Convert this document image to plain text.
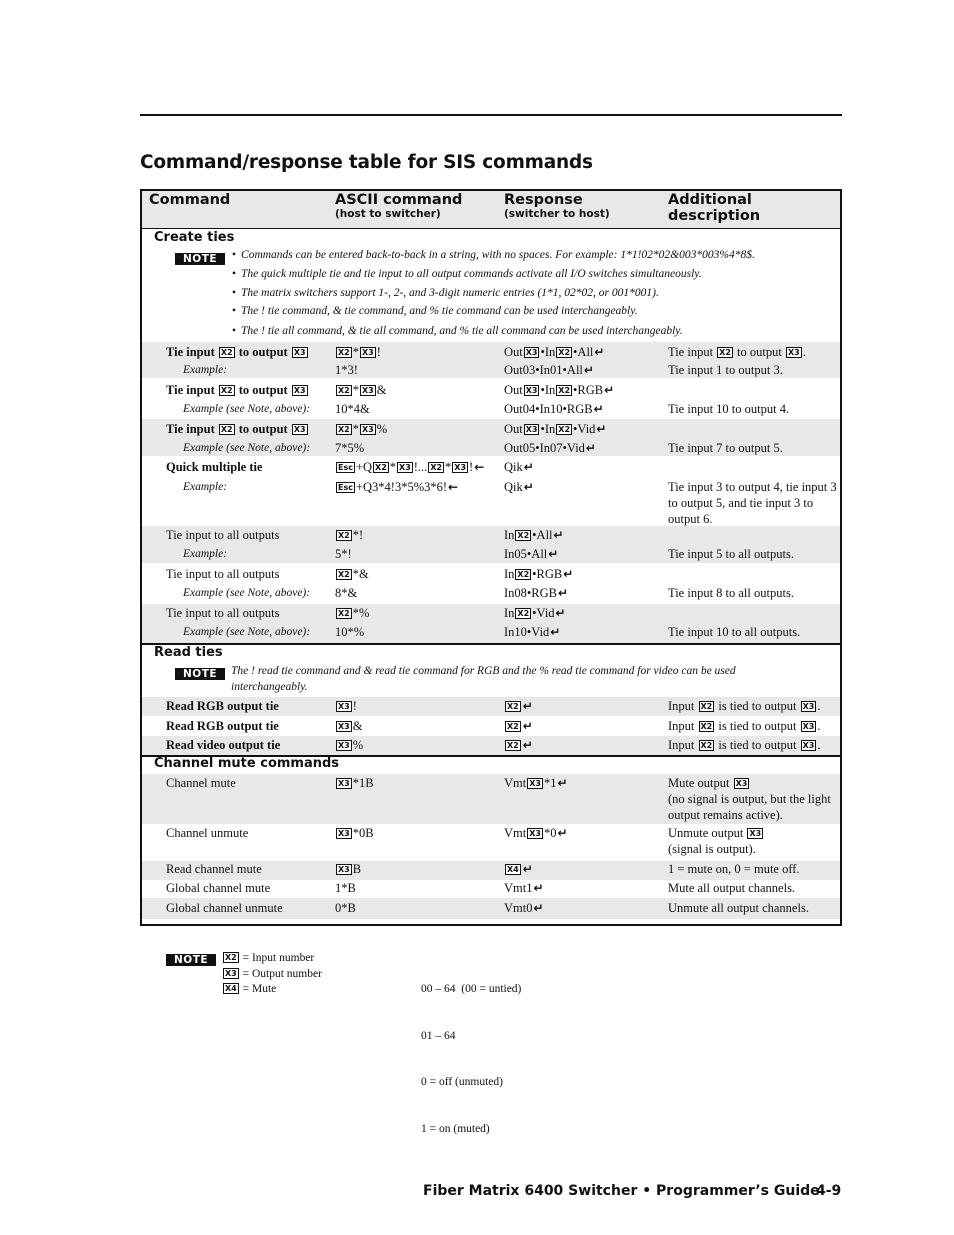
Command/response table for SIS commands
Command	ASCII command
(host to switcher)
Response
(switcher to host)
Additional description
Create ties
NOTE
•	Commands can be entered back-to-back in a string, with no spaces. For example: 1*1!02*02&003*003%4*8$.
• The quick multiple tie and tie input to all output commands activate all I/O switches simultaneously.
• The matrix switchers support 1-, 2-, and 3-digit numeric entries (1*1, 02*02, or 001*001).
• The ! tie command, & tie command, and % tie command can be used interchangeably.
• The ! tie all command, & tie all command, and % tie all command can be used interchangeably.
Tie input X2 to output X3	X2 * X3 !	Out X3 •In X2 •All↵	Tie input X2 to output X3 .
Example:	1*3!	Out03•In01•All↵	Tie input 1 to output 3.
Tie input X2 to output X3	X2 * X3 &	Out X3 •In X2 •RGB↵
Example (see Note, above): 10*4&	Out04•In10•RGB↵	Tie input 10 to output 4.
Tie input X2 to output X3	X2 * X3 %	Out X3 •In X2 •Vid↵
Example (see Note, above): 7*5%	Out05•In07•Vid↵	Tie input 7 to output 5.
Quick multiple tie	Esc +Q X2 * X3 !... X2 * X3 !← Qik↵
Example:	Esc +Q3*4!3*5%3*6!←	Qik↵	Tie input 3 to output 4, tie input 3 to output 5, and tie input 3 to output 6.
Tie input to all outputs	X2 *!	In X2 •All↵
Example:	5*!	In05•All↵	Tie input 5 to all outputs.
Tie input to all outputs	X2 *&	In X2 •RGB↵
Example (see Note, above): 8*&	In08•RGB↵	Tie input 8 to all outputs.
Tie input to all outputs	X2 *%	In X2 •Vid↵
Example (see Note, above): 10*%	In10•Vid↵	Tie input 10 to all outputs.
Read ties
NOTE	The ! read tie command and & read tie command for RGB and the % read tie command for video can be used interchangeably.
Read RGB output tie	X3 !	X2 ↵	Input X2 is tied to output X3 .
Read RGB output tie	X3 &	X2 ↵	Input X2 is tied to output X3 .
Read video output tie	X3 %	X2 ↵	Input X2 is tied to output X3 .
Channel mute commands
Channel mute	X3 *1B	Vmt X3 *1↵	Mute output X3
(no signal is output, but the light output remains active).
Channel unmute	X3 *0B	Vmt X3 *0↵	Unmute output X3
(signal is output).
Read channel mute	X3 B	X4 ↵	1 = mute on, 0 = mute off.
Global channel mute	1*B	Vmt1↵	Mute all output channels.
Global channel unmute	0*B	Vmt0↵	Unmute all output channels.
NOTE	X2 = Input number
X3 = Output number
X4 = Mute

	00 – 64  (00 = untied)

01 – 64

0 = off (unmuted)

1 = on (muted)

Fiber Matrix 6400 Switcher • Programmer’s Guide
4-9
